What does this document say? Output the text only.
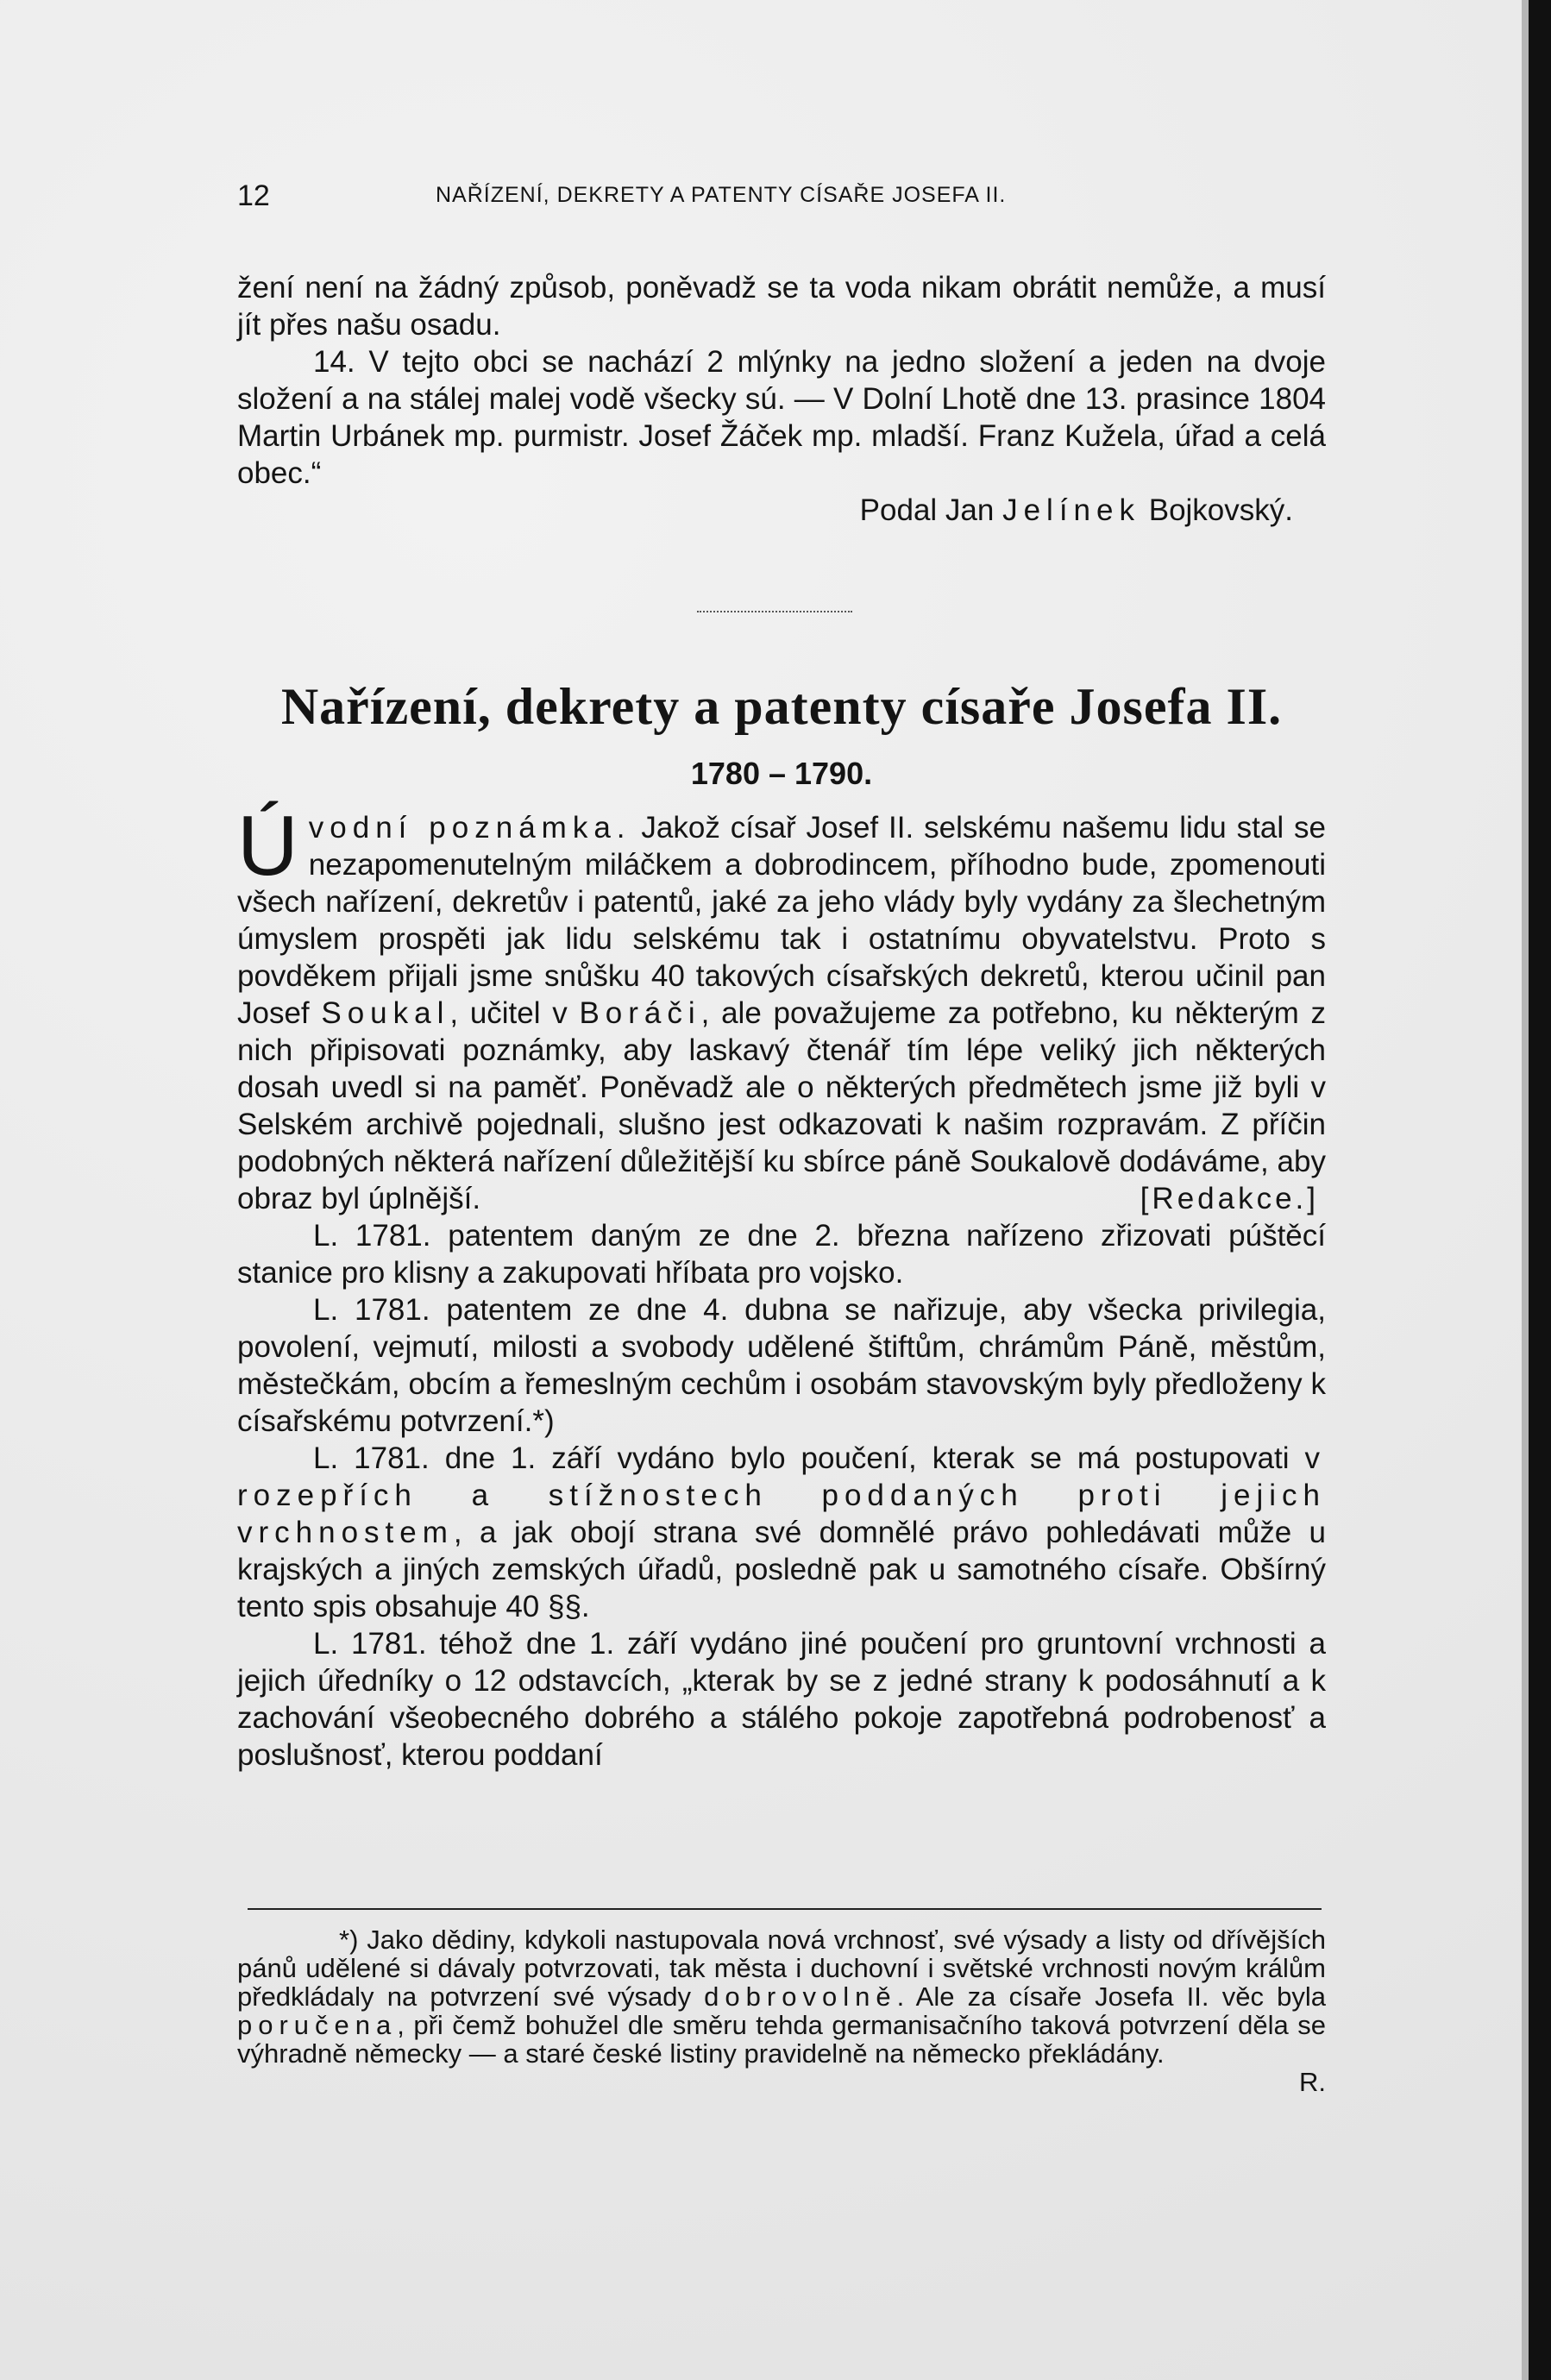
12	NAŘÍZENÍ, DEKRETY A PATENTY CÍSAŘE JOSEFA II.

žení není na žádný způsob, poněvadž se ta voda nikam obrátit nemůže, a musí jít přes našu osadu.

14. V tejto obci se nachází 2 mlýnky na jedno složení a jeden na dvoje složení a na stálej malej vodě všecky sú. — V Dolní Lhotě dne 13. prasince 1804 Martin Urbánek mp. purmistr. Josef Žáček mp. mladší. Franz Kužela, úřad a celá obec.“

Podal Jan Jelínek Bojkovský.

Nařízení, dekrety a patenty císaře Josefa II.
1780 – 1790.

Ú vodní poznámka. Jakož císař Josef II. selskému našemu lidu stal se nezapomenutelným miláčkem a dobrodincem, příhodno bude, zpomenouti všech nařízení, dekretův i patentů, jaké za jeho vlády byly vydány za šlechetným úmyslem prospěti jak lidu selskému tak i ostatnímu obyvatelstvu. Proto s povděkem přijali jsme snůšku 40 takových císařských dekretů, kterou učinil pan Josef Soukal, učitel v Boráči, ale považujeme za potřebno, ku některým z nich připisovati poznámky, aby laskavý čtenář tím lépe veliký jich některých dosah uvedl si na paměť. Poněvadž ale o některých předmětech jsme již byli v Selském archivě pojednali, slušno jest odkazovati k našim rozpravám. Z příčin podobných některá nařízení důležitější ku sbírce páně Soukalově dodáváme, aby obraz byl úplnější.	[Redakce.]

L. 1781. patentem daným ze dne 2. března nařízeno zřizovati púštěcí stanice pro klisny a zakupovati hříbata pro vojsko.

L. 1781. patentem ze dne 4. dubna se nařizuje, aby všecka privilegia, povolení, vejmutí, milosti a svobody udělené štiftům, chrámům Páně, městům, městečkám, obcím a řemeslným cechům i osobám stavovským byly předloženy k císařskému potvrzení.*)

L. 1781. dne 1. září vydáno bylo poučení, kterak se má postupovati v rozepřích a stížnostech poddaných proti jejich vrchnostem, a jak obojí strana své domnělé právo pohledávati může u krajských a jiných zemských úřadů, posledně pak u samotného císaře. Obšírný tento spis obsahuje 40 §§.

L. 1781. téhož dne 1. září vydáno jiné poučení pro gruntovní vrchnosti a jejich úředníky o 12 odstavcích, „kterak by se z jedné strany k podosáhnutí a k zachování všeobecného dobrého a stálého pokoje zapotřebná podrobenosť a poslušnosť, kterou poddaní

*) Jako dědiny, kdykoli nastupovala nová vrchnosť, své výsady a listy od dřívějších pánů udělené si dávaly potvrzovati, tak města i duchovní i světské vrchnosti novým králům předkládaly na potvrzení své výsady dobrovolně. Ale za císaře Josefa II. věc byla poručena, při čemž bohužel dle směru tehda germanisačního taková potvrzení děla se výhradně německy — a staré české listiny pravidelně na německo překládány.

R.
